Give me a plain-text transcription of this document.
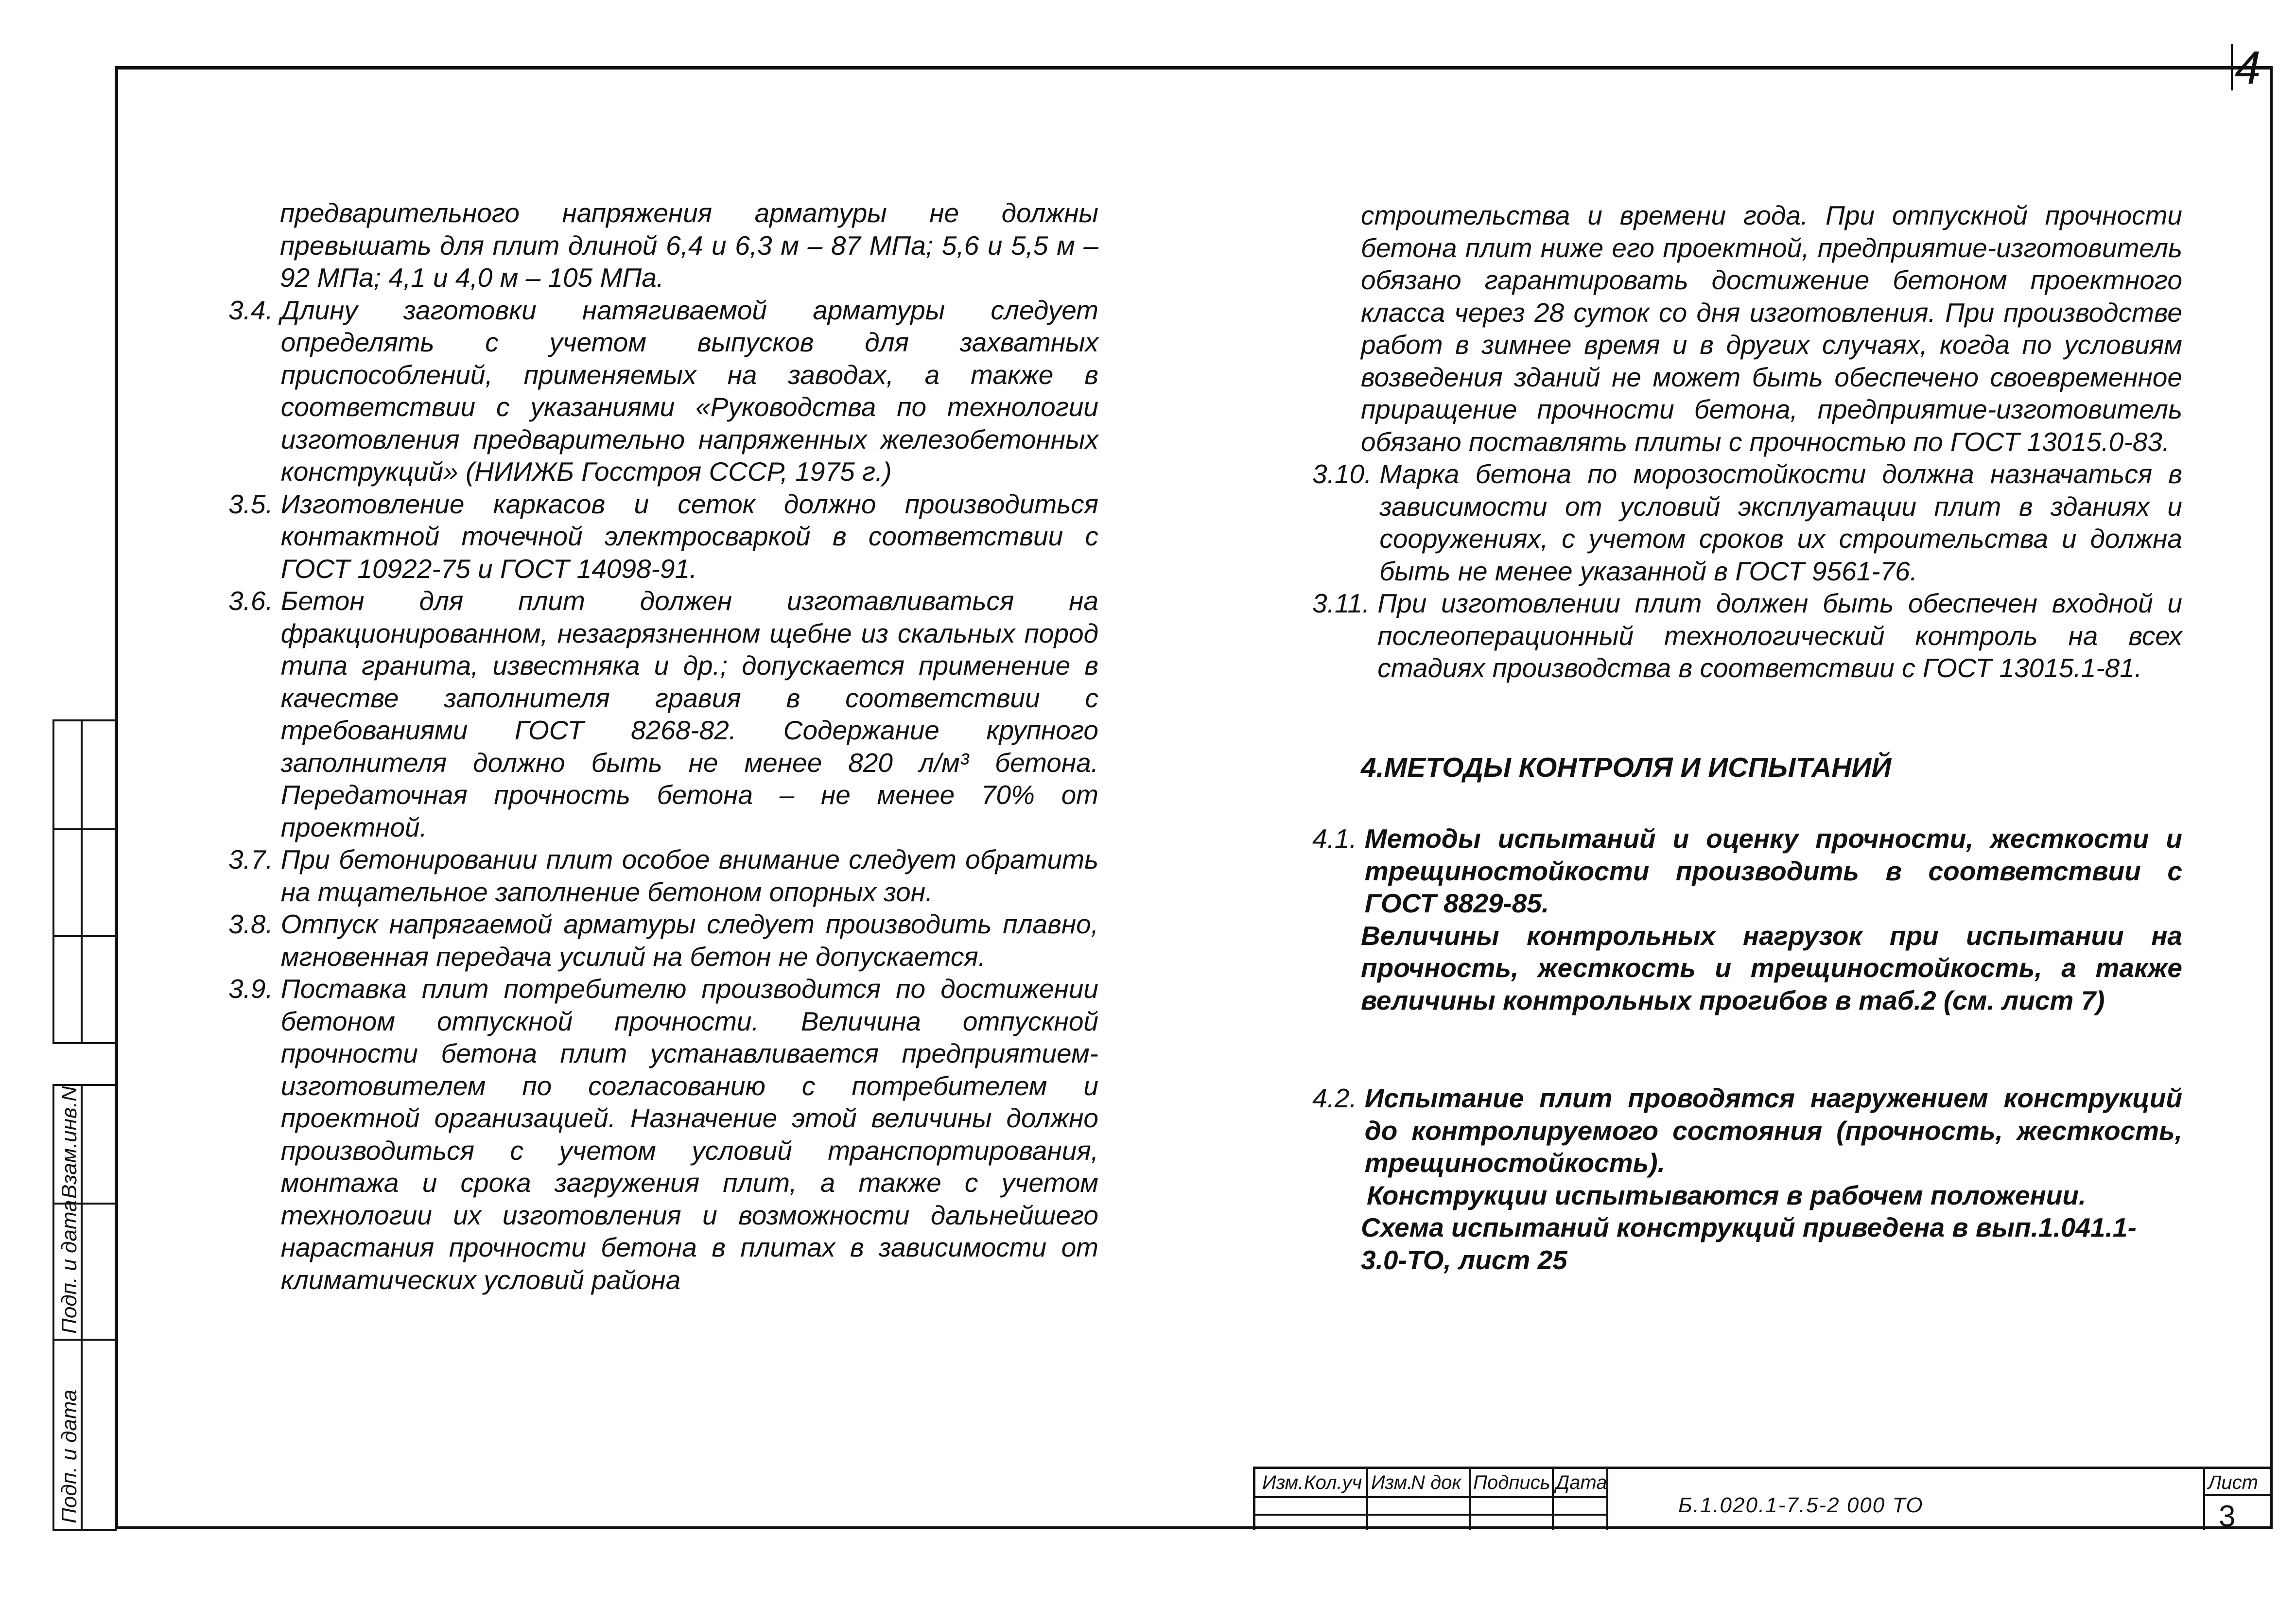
4

предварительного напряжения арматуры не должны превышать для плит длиной 6,4 и 6,3 м – 87 МПа; 5,6 и 5,5 м – 92 МПа; 4,1 и 4,0 м – 105 МПа.

3.4. Длину заготовки натягиваемой арматуры следует определять с учетом выпусков для захватных приспособлений, применяемых на заводах, а также в соответствии с указаниями «Руководства по технологии изготовления предварительно напряженных железобетонных конструкций» (НИИЖБ Госстроя СССР, 1975 г.)
3.5. Изготовление каркасов и сеток должно производиться контактной точечной электросваркой в соответствии с ГОСТ 10922-75 и ГОСТ 14098-91.
3.6. Бетон для плит должен изготавливаться на фракционированном, незагрязненном щебне из скальных пород типа гранита, известняка и др.; допускается применение в качестве заполнителя гравия в соответствии с требованиями ГОСТ 8268-82. Содержание крупного заполнителя должно быть не менее 820 л/м³ бетона. Передаточная прочность бетона – не менее 70% от проектной.
3.7. При бетонировании плит особое внимание следует обратить на тщательное заполнение бетоном опорных зон.
3.8. Отпуск напрягаемой арматуры следует производить плавно, мгновенная передача усилий на бетон не допускается.
3.9. Поставка плит потребителю производится по достижении бетоном отпускной прочности. Величина отпускной прочности бетона плит устанавливается предприятием-изготовителем по согласованию с потребителем и проектной организацией. Назначение этой величины должно производиться с учетом условий транспортирования, монтажа и срока загружения плит, а также с учетом технологии их изготовления и возможности дальнейшего нарастания прочности бетона в плитах в зависимости от климатических условий района

строительства и времени года. При отпускной прочности бетона плит ниже его проектной, предприятие-изготовитель обязано гарантировать достижение бетоном проектного класса через 28 суток со дня изготовления. При производстве работ в зимнее время и в других случаях, когда по условиям возведения зданий не может быть обеспечено своевременное приращение прочности бетона, предприятие-изготовитель обязано поставлять плиты с прочностью по ГОСТ 13015.0-83.

3.10. Марка бетона по морозостойкости должна назначаться в зависимости от условий эксплуатации плит в зданиях и сооружениях, с учетом сроков их строительства и должна быть не менее указанной в ГОСТ 9561-76.
3.11. При изготовлении плит должен быть обеспечен входной и послеоперационный технологический контроль на всех стадиях производства в соответствии с ГОСТ 13015.1-81.
4.МЕТОДЫ КОНТРОЛЯ И ИСПЫТАНИЙ
4.1. Методы испытаний и оценку прочности, жесткости и трещиностойкости производить в соответствии с ГОСТ 8829-85.

Величины контрольных нагрузок при испытании на прочность, жесткость и трещиностойкость, а также величины контрольных прогибов в таб.2 (см. лист 7)

4.2. Испытание плит проводятся нагружением конструкций до контролируемого состояния (прочность, жесткость, трещиностойкость).

Конструкции испытываются в рабочем положении.

Схема испытаний конструкций приведена в вып.1.041.1-3.0-ТО, лист 25

Взам.инв.N
Подп. и дата
Подп. и дата	Изм. Кол.уч Изм.
N док Подпись Дата
Б.1.020.1-7.5-2 000 ТО
Лист
3
